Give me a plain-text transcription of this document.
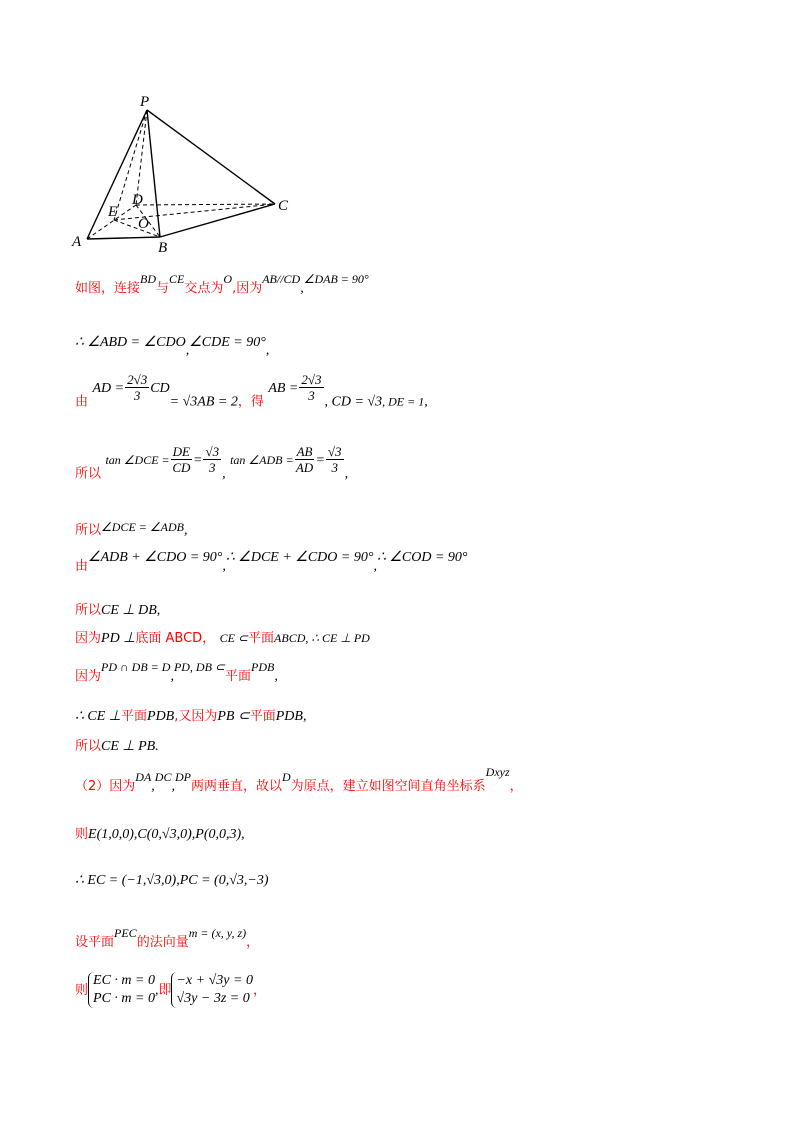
P
A	B
C
D
E
O
如图，连接BD与CE交点为O,因为AB//CD,∠DAB = 90°
∴ ∠ABD = ∠CDO,∠CDE = 90°,
由 AD = $\frac{2√3}{3} CD= √3AB = 2$，得 AB = $\frac{2√3}{3}$ , CD = √3, DE = 1,
所以 tan ∠DCE = $\frac{DE}{CD} = \frac{√3}{3}$ , tan ∠ADB = $\frac{AB}{AD} = \frac{√3}{3}$ ,
所以∠DCE = ∠ADB,
由∠ADB + ∠CDO = 90°,∴ ∠DCE + ∠CDO = 90°,∴ ∠COD = 90°
所以CE ⊥ DB,
因为PD ⊥底面 ABCD， CE ⊂平面ABCD, ∴ CE ⊥ PD
因为PD ∩ DB = D,PD, DB ⊂平面PDB,
∴ CE ⊥平面PDB,又因为PB ⊂平面PDB,
所以CE ⊥ PB.
（2）因为DA,DC,DP两两垂直，故以D为原点，建立如图空间直角坐标系Dxyz，
则E(1,0,0),C(0,√3,0),P(0,0,3),
∴ EC = (−1,√3,0),PC = (0,√3,−3)
设平面PEC的法向量m = (x, y, z)，
则
EC · m = 0
PC · m = 0
,即
−x + √3y = 0
√3y − 3z = 0
，
